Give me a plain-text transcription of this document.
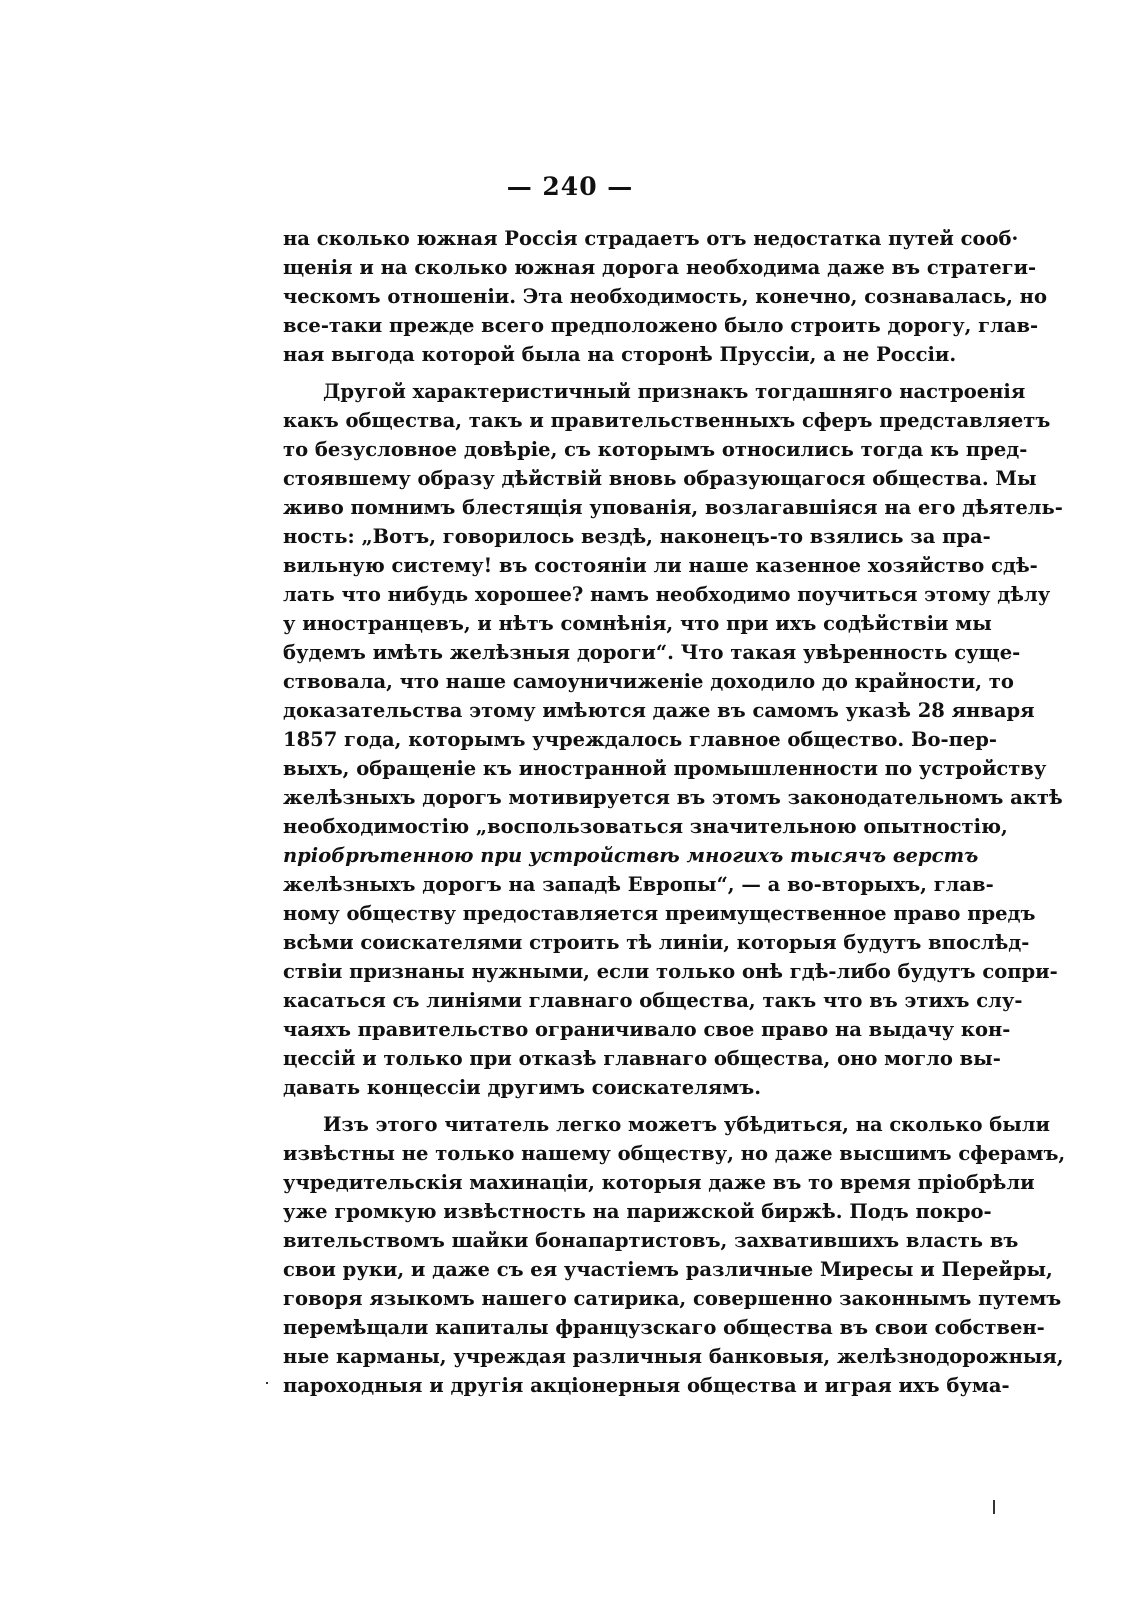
— 240 —
на сколько южная Россія страдаетъ отъ недостатка путей сооб·
щенія и на сколько южная дорога необходима даже въ стратеги-
ческомъ отношеніи. Эта необходимость, конечно, сознавалась, но
все-таки прежде всего предположено было строить дорогу, глав-
ная выгода которой была на сторонѣ Пруссіи, а не Россіи.
Другой характеристичный признакъ тогдашняго настроенія
какъ общества, такъ и правительственныхъ сферъ представляетъ
то безусловное довѣріе, съ которымъ относились тогда къ пред-
стоявшему образу дѣйствій вновь образующагося общества. Мы
живо помнимъ блестящія упованія, возлагавшіяся на его дѣятель-
ность: „Вотъ, говорилось вездѣ, наконецъ-то взялись за пра-
вильную систему! въ состояніи ли наше казенное хозяйство сдѣ-
лать что нибудь хорошее? намъ необходимо поучиться этому дѣлу
у иностранцевъ, и нѣтъ сомнѣнія, что при ихъ содѣйствіи мы
будемъ имѣть желѣзныя дороги“. Что такая увѣренность суще-
ствовала, что наше самоуничиженіе доходило до крайности, то
доказательства этому имѣются даже въ самомъ указѣ 28 января
1857 года, которымъ учреждалось главное общество. Во-пер-
выхъ, обращеніе къ иностранной промышленности по устройству
желѣзныхъ дорогъ мотивируется въ этомъ законодательномъ актѣ
необходимостію „воспользоваться значительною опытностію,
пріобрѣтенною при устройствѣ многихъ тысячъ верстъ
желѣзныхъ дорогъ на западѣ Европы“, — а во-вторыхъ, глав-
ному обществу предоставляется преимущественное право предъ
всѣми соискателями строить тѣ линіи, которыя будутъ впослѣд-
ствіи признаны нужными, если только онѣ гдѣ-либо будутъ сопри-
касаться съ линіями главнаго общества, такъ что въ этихъ слу-
чаяхъ правительство ограничивало свое право на выдачу кон-
цессій и только при отказѣ главнаго общества, оно могло вы-
давать концессіи другимъ соискателямъ.
Изъ этого читатель легко можетъ убѣдиться, на сколько были
извѣстны не только нашему обществу, но даже высшимъ сферамъ,
учредительскія махинаціи, которыя даже въ то время пріобрѣли
уже громкую извѣстность на парижской биржѣ. Подъ покро-
вительствомъ шайки бонапартистовъ, захватившихъ власть въ
свои руки, и даже съ ея участіемъ различные Миресы и Перейры,
говоря языкомъ нашего сатирика, совершенно законнымъ путемъ
перемѣщали капиталы французскаго общества въ свои собствен-
ные карманы, учреждая различныя банковыя, желѣзнодорожныя,
пароходныя и другія акціонерныя общества и играя ихъ бума-
